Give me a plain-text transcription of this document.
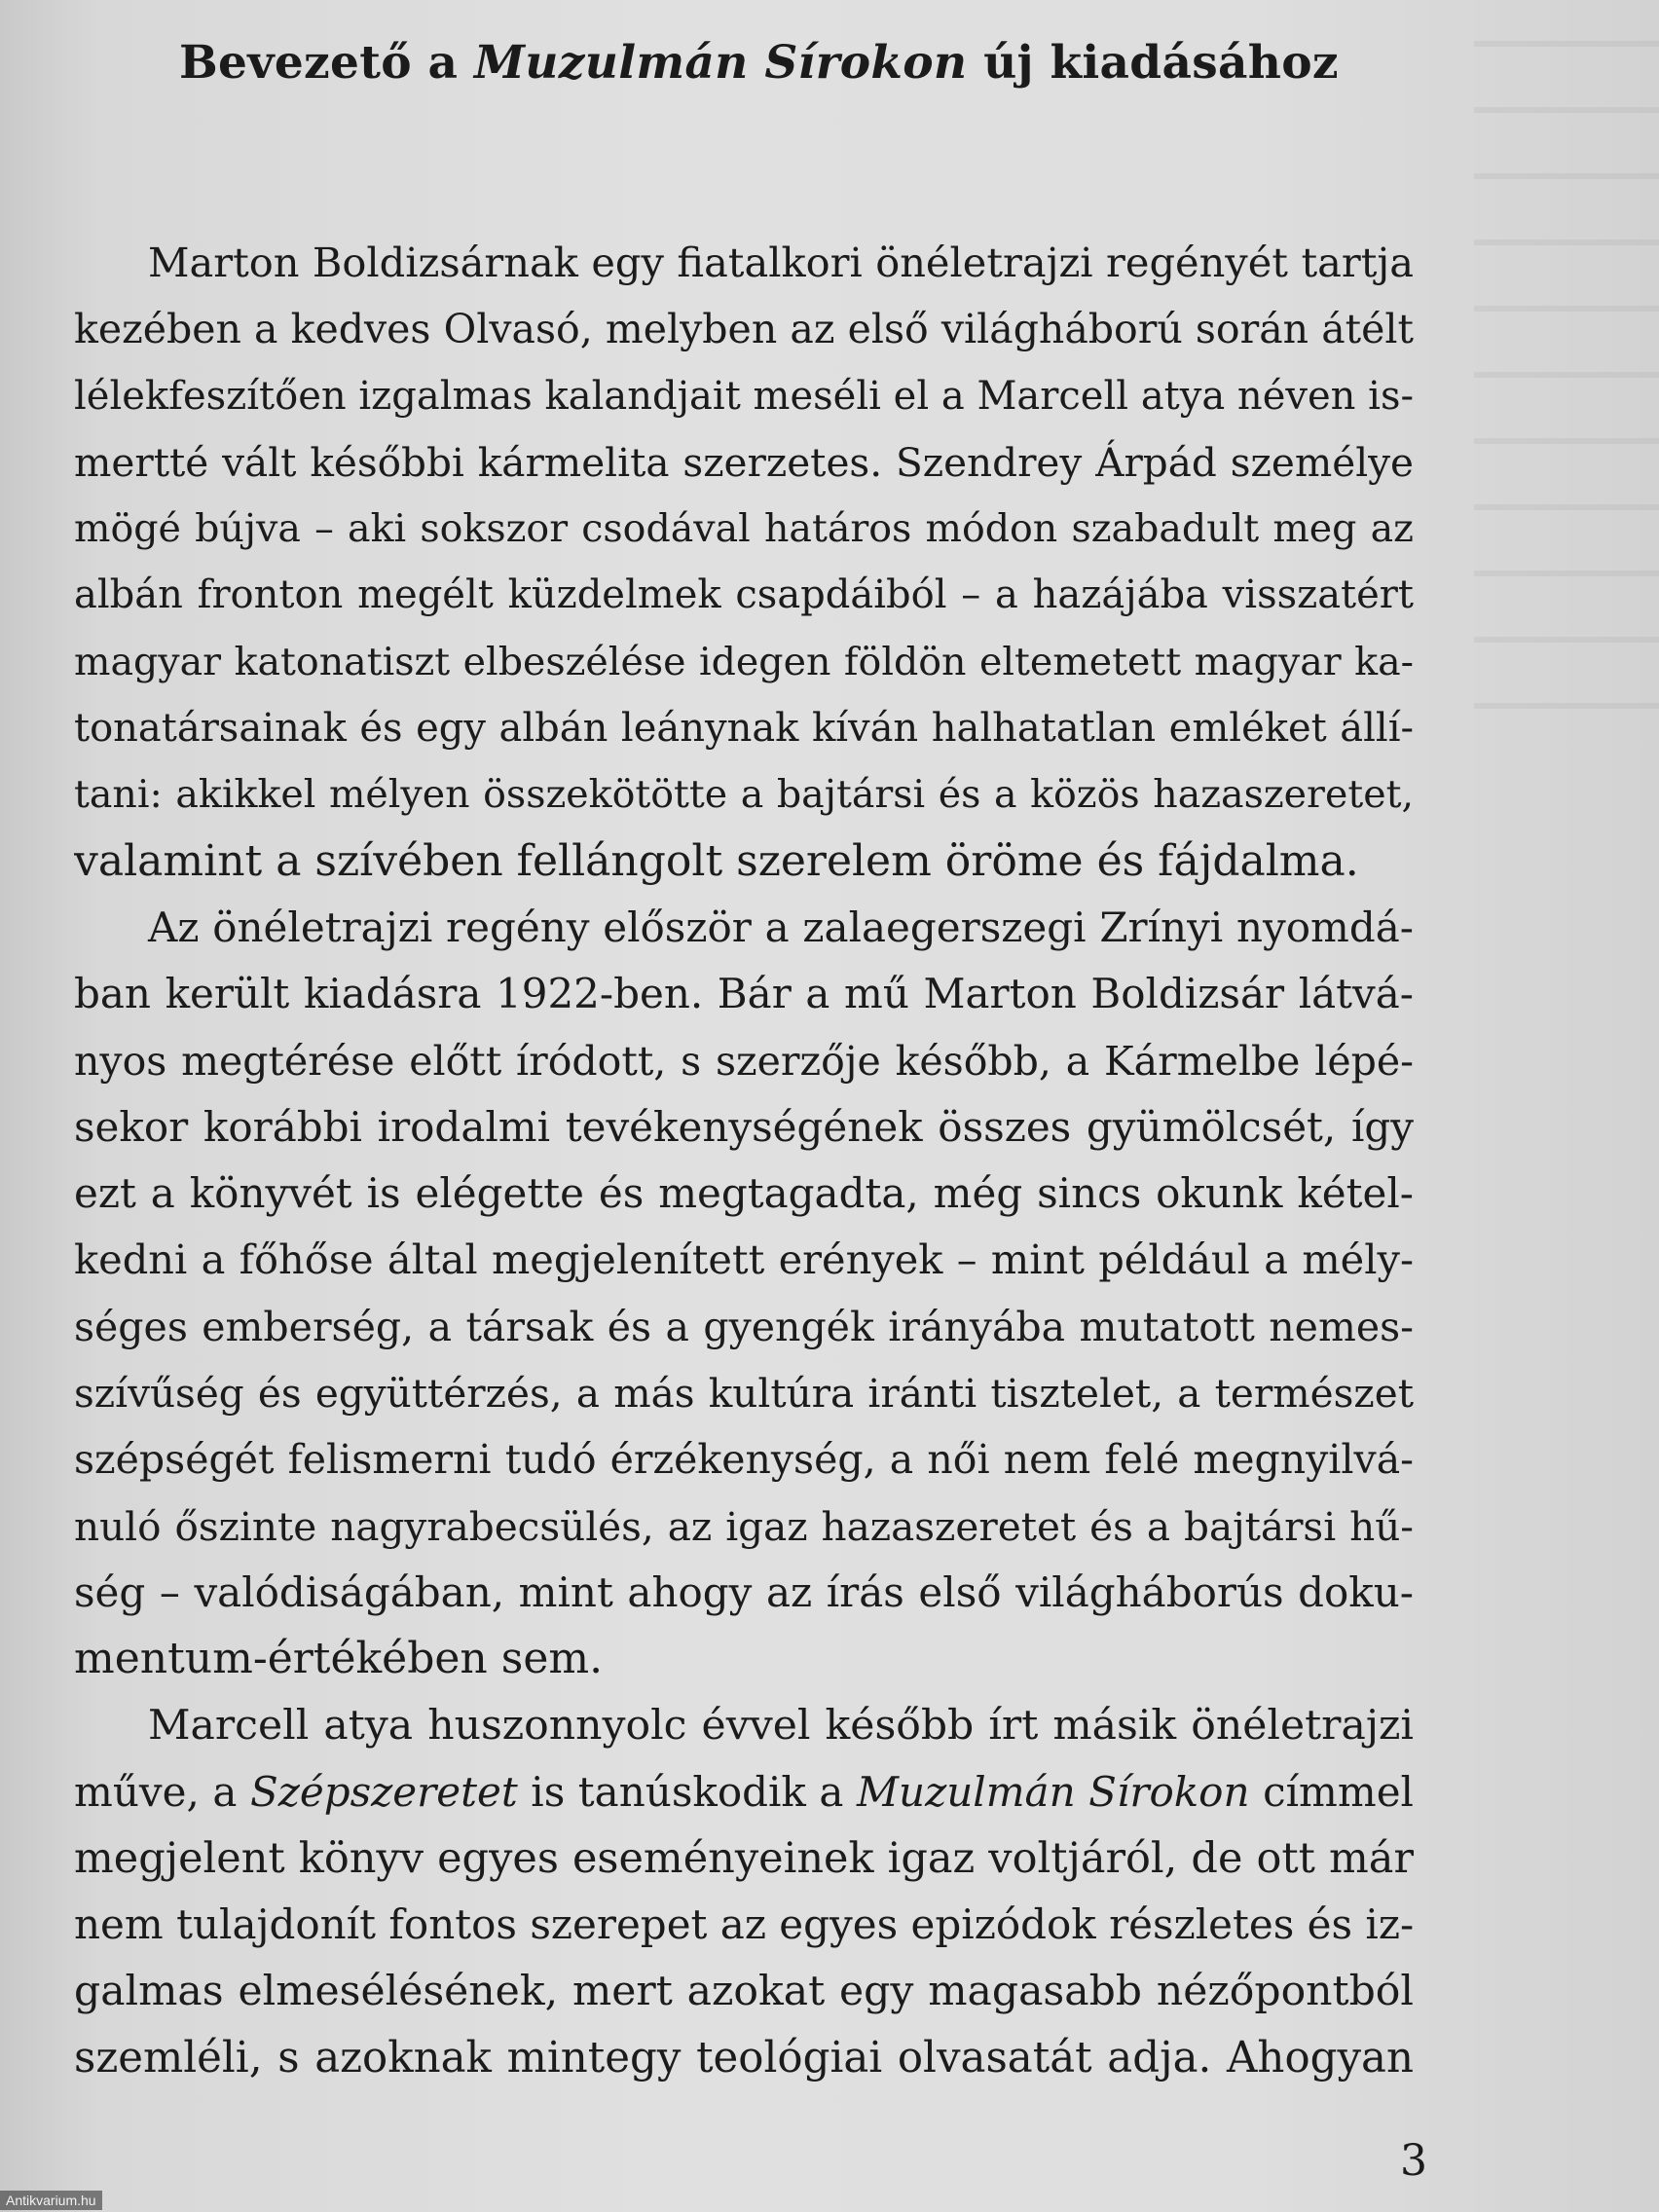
Bevezető a Muzulmán Sírokon új kiadásához
Marton Boldizsárnak egy fiatalkori önéletrajzi regényét tartja
kezében a kedves Olvasó, melyben az első világháború során átélt
lélekfeszítően izgalmas kalandjait meséli el a Marcell atya néven is-
mertté vált későbbi kármelita szerzetes. Szendrey Árpád személye
mögé bújva – aki sokszor csodával határos módon szabadult meg az
albán fronton megélt küzdelmek csapdáiból – a hazájába visszatért
magyar katonatiszt elbeszélése idegen földön eltemetett magyar ka-
tonatársainak és egy albán leánynak kíván halhatatlan emléket állí-
tani: akikkel mélyen összekötötte a bajtársi és a közös hazaszeretet,
valamint a szívében fellángolt szerelem öröme és fájdalma.
Az önéletrajzi regény először a zalaegerszegi Zrínyi nyomdá-
ban került kiadásra 1922-ben. Bár a mű Marton Boldizsár látvá-
nyos megtérése előtt íródott, s szerzője később, a Kármelbe lépé-
sekor korábbi irodalmi tevékenységének összes gyümölcsét, így
ezt a könyvét is elégette és megtagadta, még sincs okunk kétel-
kedni a főhőse által megjelenített erények – mint például a mély-
séges emberség, a társak és a gyengék irányába mutatott nemes-
szívűség és együttérzés, a más kultúra iránti tisztelet, a természet
szépségét felismerni tudó érzékenység, a női nem felé megnyilvá-
nuló őszinte nagyrabecsülés, az igaz hazaszeretet és a bajtársi hű-
ség – valódiságában, mint ahogy az írás első világháborús doku-
mentum-értékében sem.
Marcell atya huszonnyolc évvel később írt másik önéletrajzi
műve, a Szépszeretet is tanúskodik a Muzulmán Sírokon címmel
megjelent könyv egyes eseményeinek igaz voltjáról, de ott már
nem tulajdonít fontos szerepet az egyes epizódok részletes és iz-
galmas elmesélésének, mert azokat egy magasabb nézőpontból
szemléli, s azoknak mintegy teológiai olvasatát adja. Ahogyan
3
Antikvarium.hu
